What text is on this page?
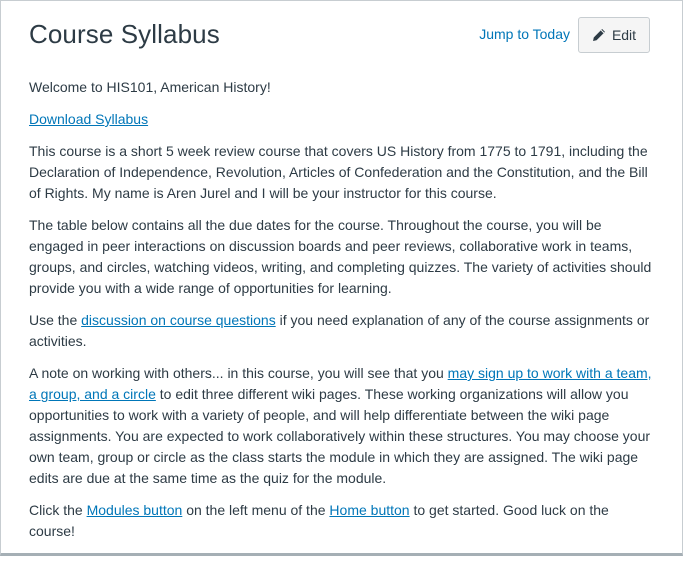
Course Syllabus	Jump to Today	Edit

Welcome to HIS101, American History!

Download Syllabus

This course is a short 5 week review course that covers US History from 1775 to 1791, including the Declaration of Independence, Revolution, Articles of Confederation and the Constitution, and the Bill of Rights. My name is Aren Jurel and I will be your instructor for this course.

The table below contains all the due dates for the course. Throughout the course, you will be engaged in peer interactions on discussion boards and peer reviews, collaborative work in teams, groups, and circles, watching videos, writing, and completing quizzes. The variety of activities should provide you with a wide range of opportunities for learning.

Use the discussion on course questions if you need explanation of any of the course assignments or activities.

A note on working with others... in this course, you will see that you may sign up to work with a team, a group, and a circle to edit three different wiki pages. These working organizations will allow you opportunities to work with a variety of people, and will help differentiate between the wiki page assignments. You are expected to work collaboratively within these structures. You may choose your own team, group or circle as the class starts the module in which they are assigned. The wiki page edits are due at the same time as the quiz for the module.

Click the Modules button on the left menu of the Home button to get started. Good luck on the course!
